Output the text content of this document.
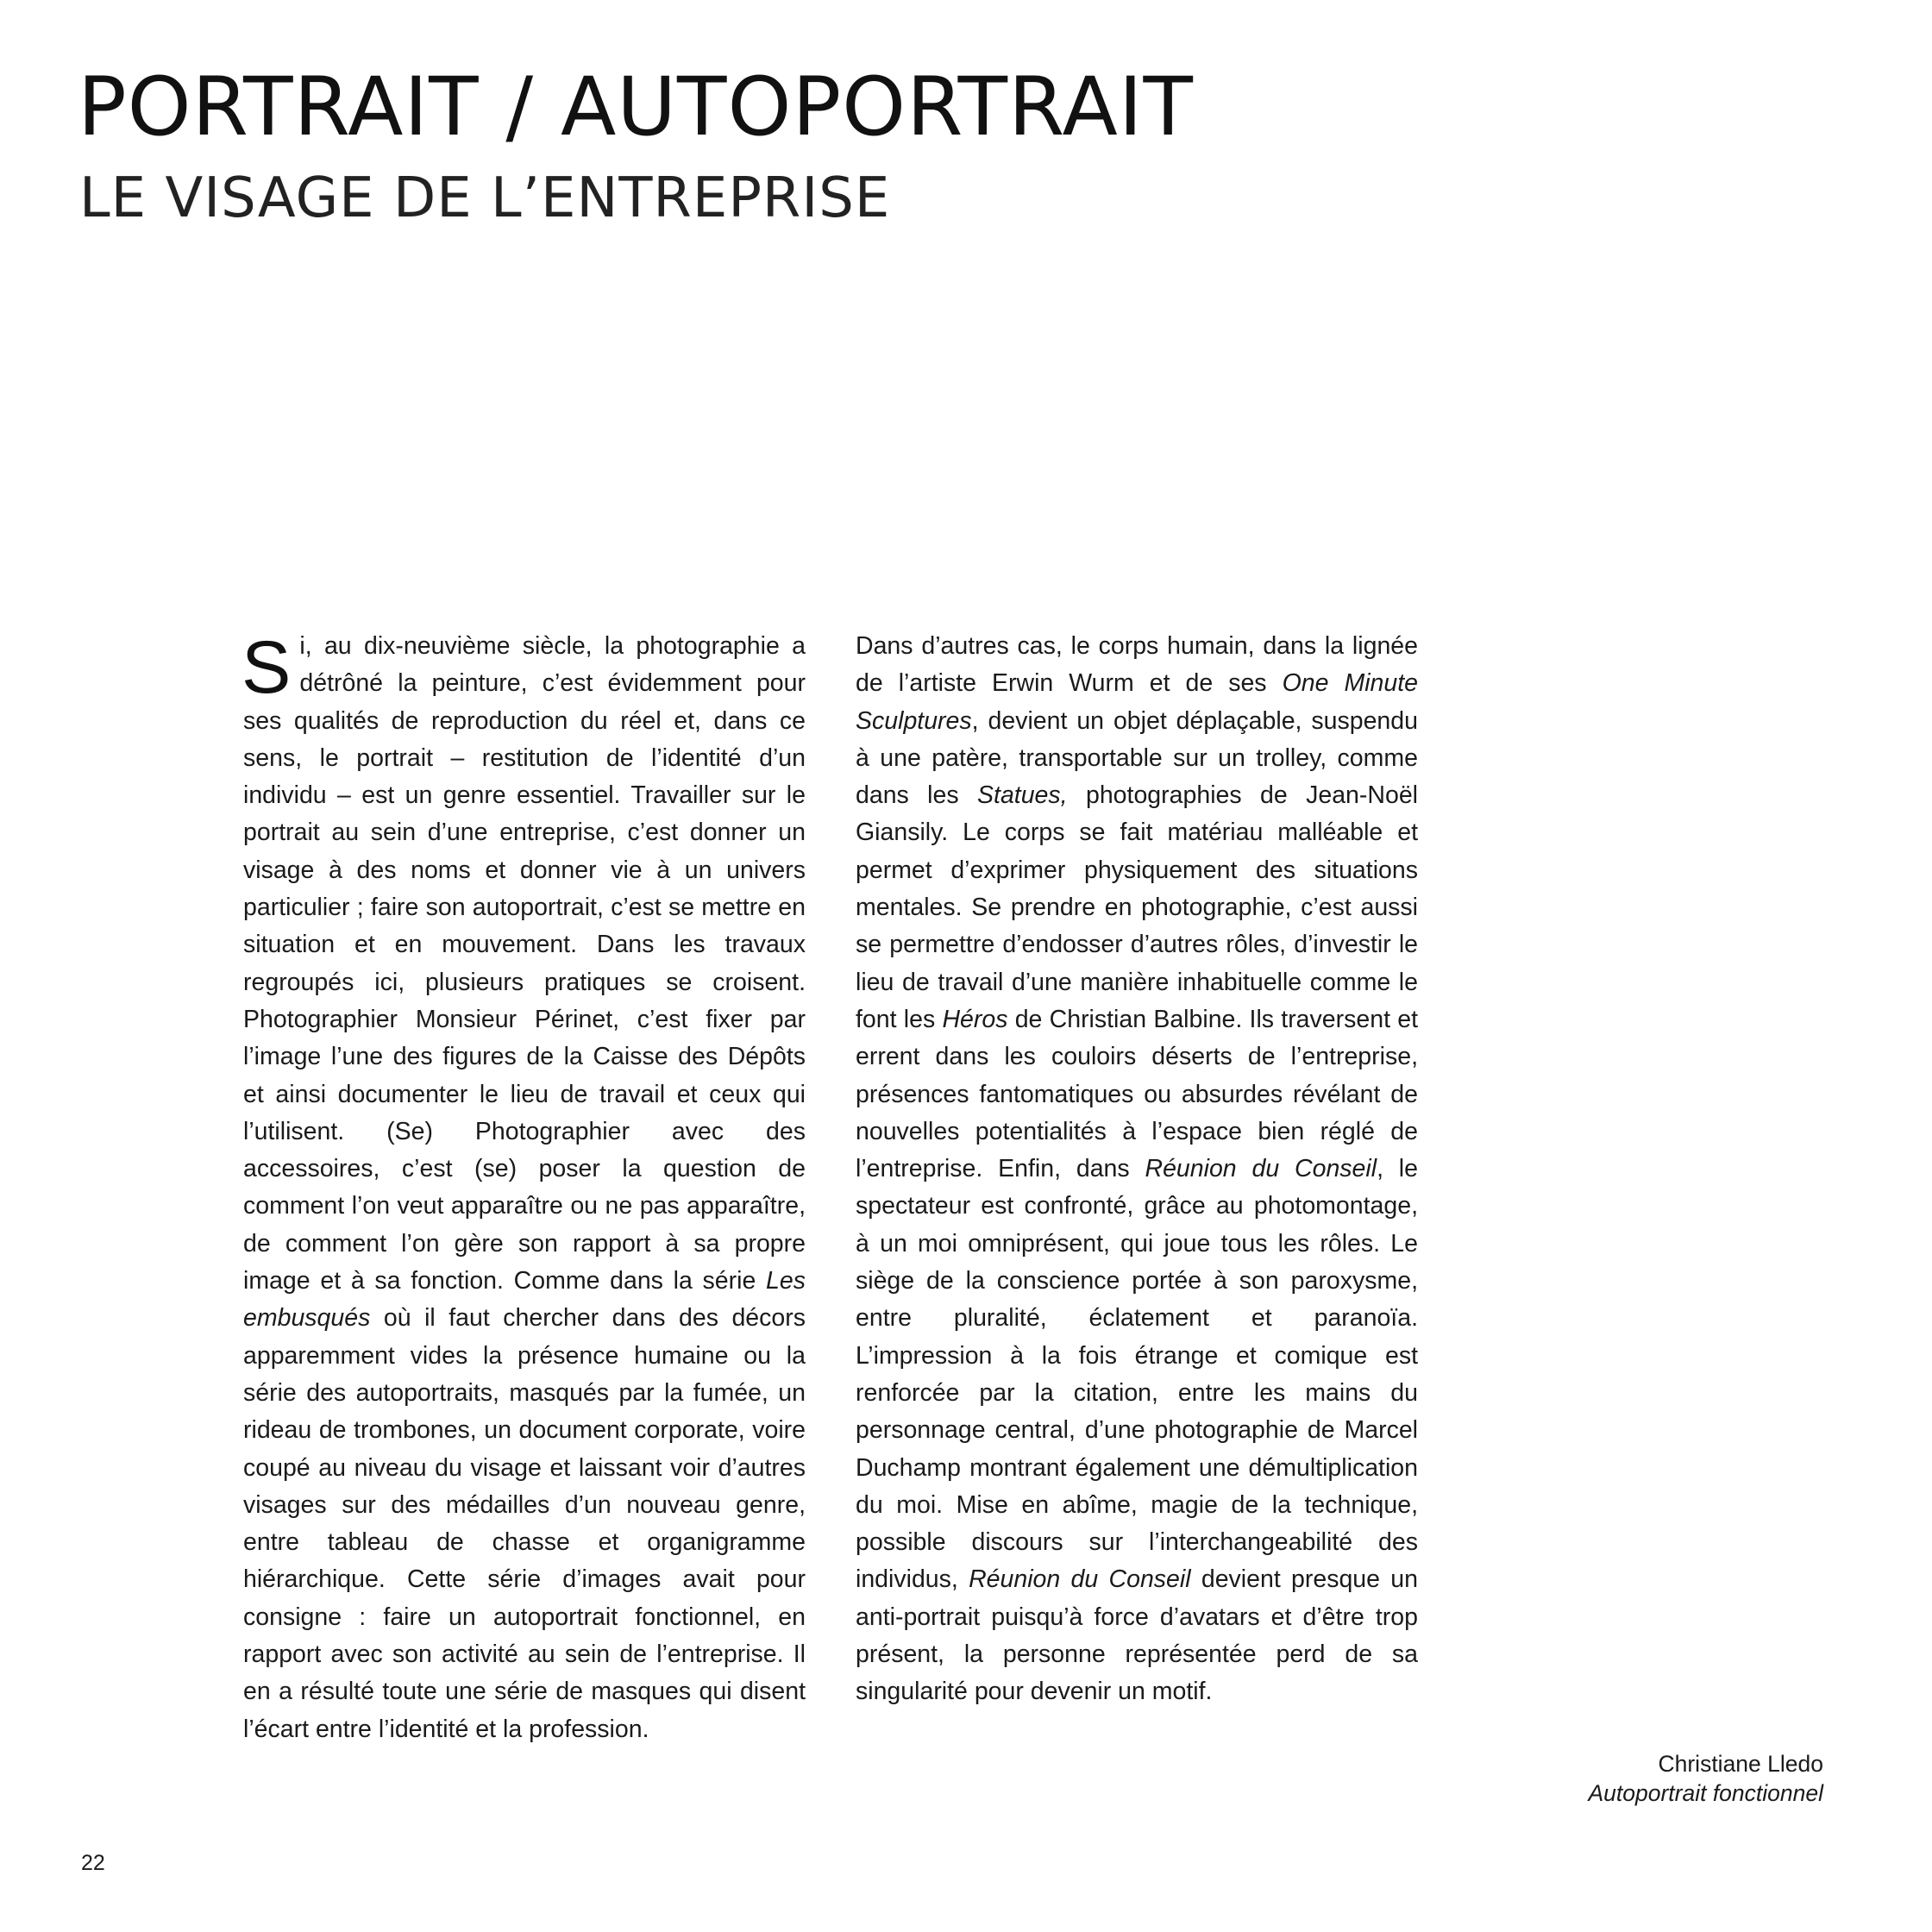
PORTRAIT / AUTOPORTRAIT
LE VISAGE DE L’ENTREPRISE

Si, au dix-neuvième siècle, la photographie a détrôné la peinture, c’est évidemment pour ses qualités de reproduction du réel et, dans ce sens, le portrait – restitution de l’identité d’un individu – est un genre essentiel. Travailler sur le portrait au sein d’une entreprise, c’est donner un visage à des noms et donner vie à un univers particulier ; faire son autoportrait, c’est se mettre en situation et en mouvement. Dans les travaux regroupés ici, plusieurs pratiques se croisent. Photographier Monsieur Périnet, c’est fixer par l’image l’une des figures de la Caisse des Dépôts et ainsi documenter le lieu de travail et ceux qui l’utilisent. (Se) Photographier avec des accessoires, c’est (se) poser la question de comment l’on veut apparaître ou ne pas apparaître, de comment l’on gère son rapport à sa propre image et à sa fonction. Comme dans la série Les embusqués où il faut chercher dans des décors apparemment vides la présence humaine ou la série des autoportraits, masqués par la fumée, un rideau de trombones, un document corporate, voire coupé au niveau du visage et laissant voir d’autres visages sur des médailles d’un nouveau genre, entre tableau de chasse et organigramme hiérarchique. Cette série d’images avait pour consigne : faire un autoportrait fonctionnel, en rapport avec son activité au sein de l’entreprise. Il en a résulté toute une série de masques qui disent l’écart entre l’identité et la profession.

Dans d’autres cas, le corps humain, dans la lignée de l’artiste Erwin Wurm et de ses One Minute Sculptures, devient un objet déplaçable, suspendu à une patère, transportable sur un trolley, comme dans les Statues, photographies de Jean-Noël Giansily. Le corps se fait matériau malléable et permet d’exprimer physiquement des situations mentales. Se prendre en photographie, c’est aussi se permettre d’endosser d’autres rôles, d’investir le lieu de travail d’une manière inhabituelle comme le font les Héros de Christian Balbine. Ils traversent et errent dans les couloirs déserts de l’entreprise, présences fantomatiques ou absurdes révélant de nouvelles potentialités à l’espace bien réglé de l’entreprise. Enfin, dans Réunion du Conseil, le spectateur est confronté, grâce au photomontage, à un moi omniprésent, qui joue tous les rôles. Le siège de la conscience portée à son paroxysme, entre pluralité, éclatement et paranoïa. L’impression à la fois étrange et comique est renforcée par la citation, entre les mains du personnage central, d’une photographie de Marcel Duchamp montrant également une démultiplication du moi. Mise en abîme, magie de la technique, possible discours sur l’interchangeabilité des individus, Réunion du Conseil devient presque un anti-portrait puisqu’à force d’avatars et d’être trop présent, la personne représentée perd de sa singularité pour devenir un motif.

Christiane Lledo
Autoportrait fonctionnel
22
